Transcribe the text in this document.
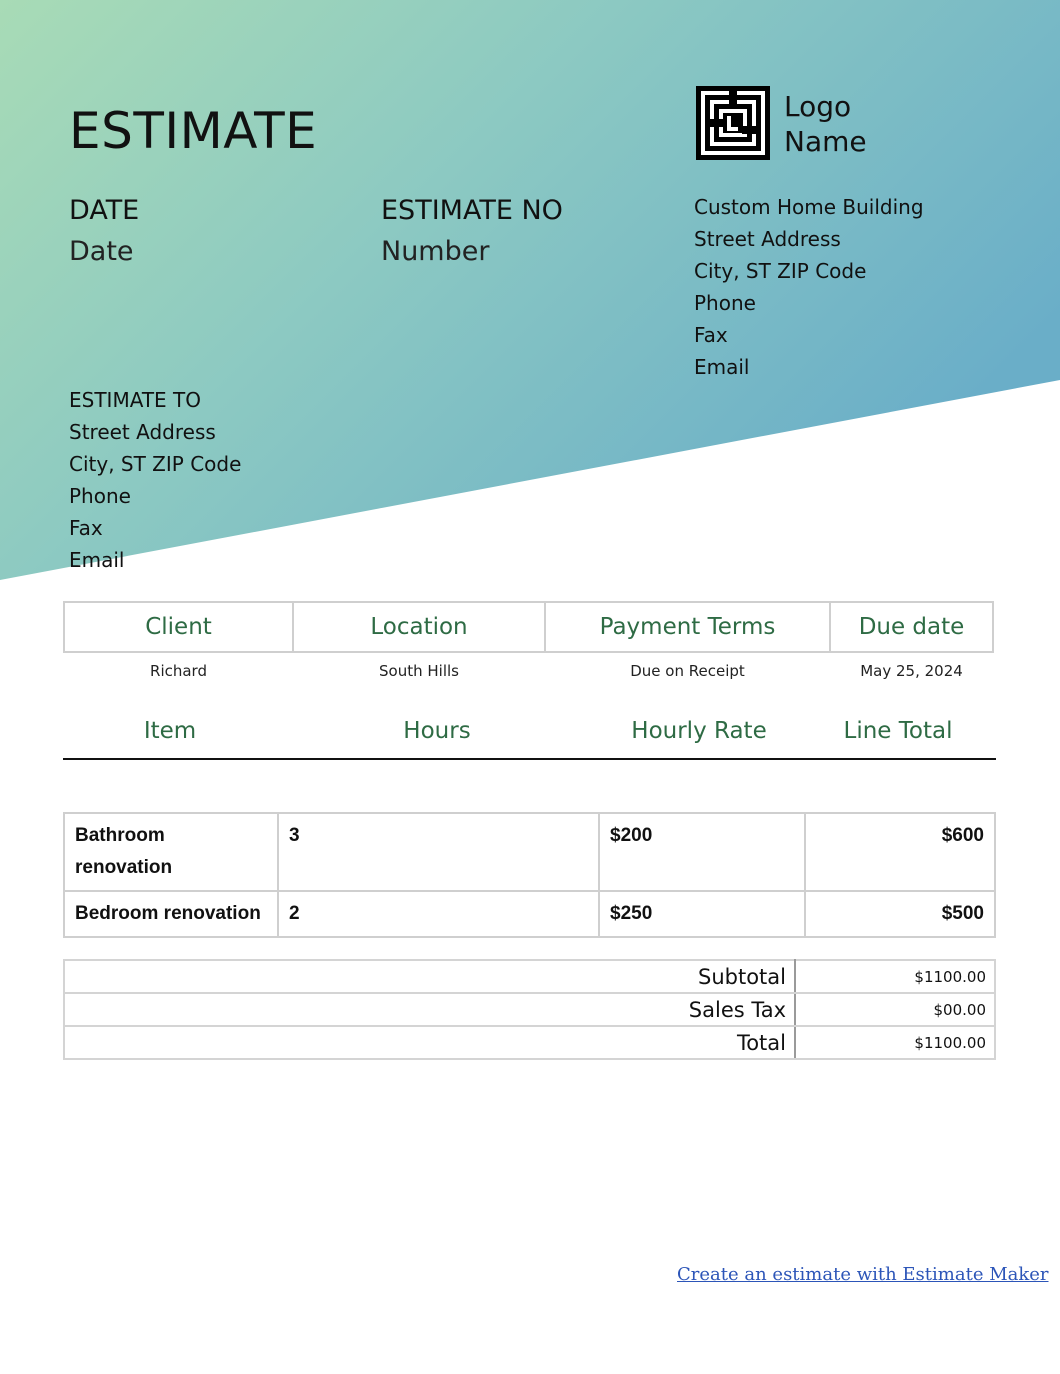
ESTIMATE
DATE
Date
ESTIMATE NO
Number
Logo
Name
Custom Home Building
Street Address
City, ST ZIP Code
Phone
Fax
Email
ESTIMATE TO
Street Address
City, ST ZIP Code
Phone
Fax
Email
Client	Location	Payment Terms	Due date
Richard	South Hills	Due on Receipt	May 25, 2024
Item	Hours	Hourly Rate	Line Total
Bathroom renovation	3	$200	$600
Bedroom renovation	2	$250	$500
Subtotal	$1100.00
Sales Tax	$00.00
Total	$1100.00
Create an estimate with Estimate Maker
